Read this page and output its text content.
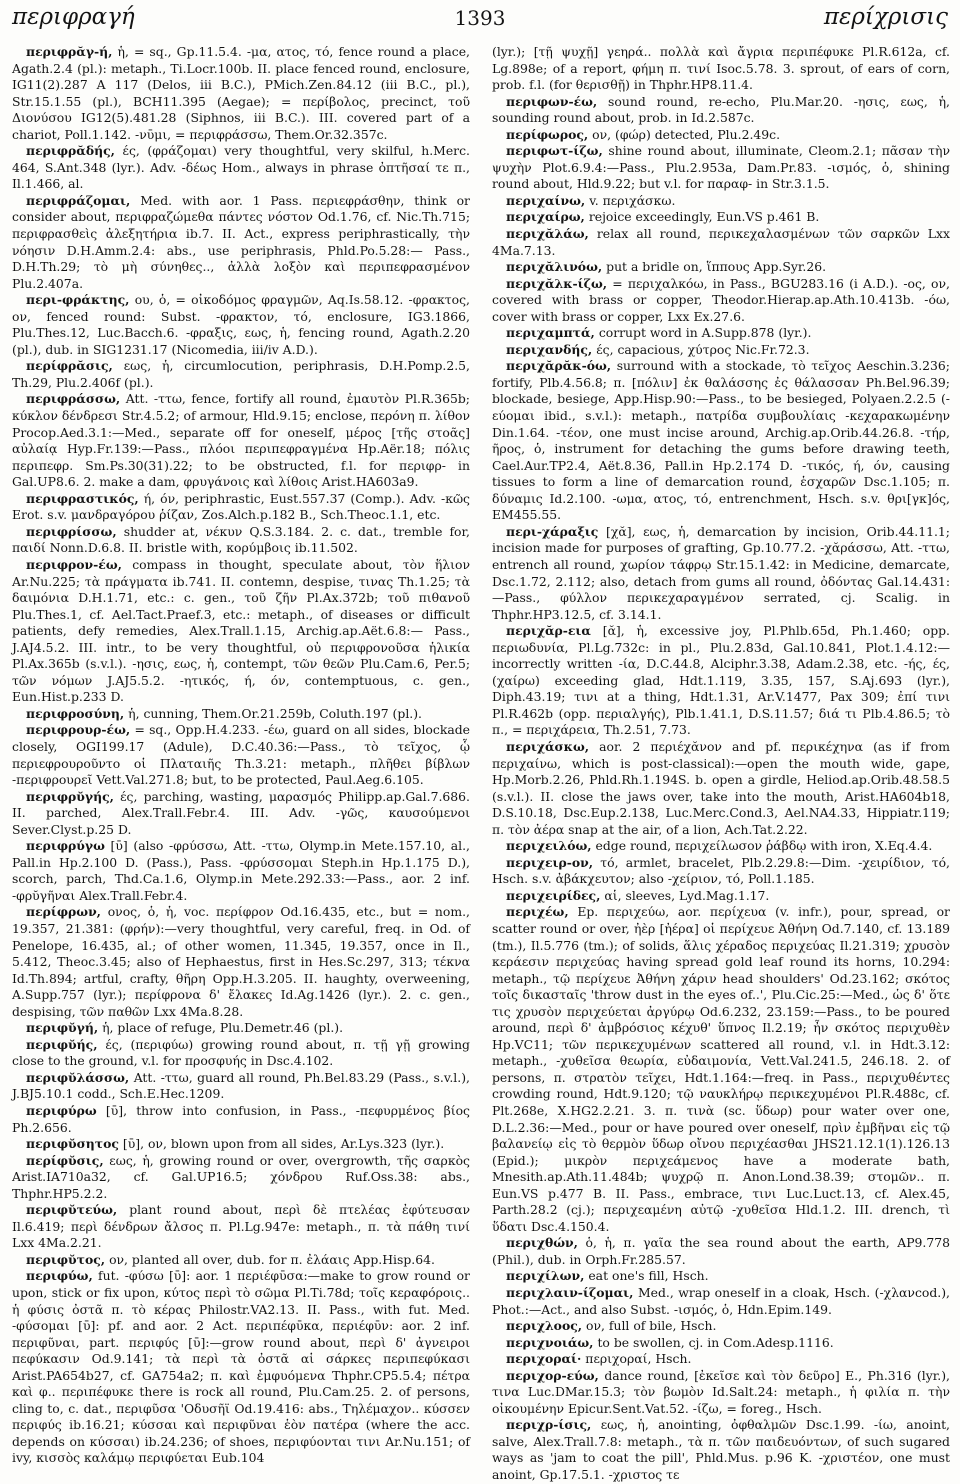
περιφραγή	1393	περίχρισις

περιφρᾰγ-ή, ἡ, = sq., Gp.11.5.4. -μα, ατος, τό, fence round a place, Agath.2.4 (pl.): metaph., Ti.Locr.100b. II. place fenced round, enclosure, IG11(2).287 A 117 (Delos, iii B.C.), PMich.Zen.84.12 (iii B.C., pl.), Str.15.1.55 (pl.), BCH11.395 (Aegae); = περίβολος, precinct, τοῦ Διονύσου IG12(5).481.28 (Siphnos, iii B.C.). III. covered part of a chariot, Poll.1.142. -νῡμι, = περιφράσσω, Them.Or.32.357c.

περιφρᾰδής, ές, (φράζομαι) very thoughtful, very skilful, h.Merc. 464, S.Ant.348 (lyr.). Adv. -δέως Hom., always in phrase ὀπτῆσαί τε π., Il.1.466, al.

περιφράζομαι, Med. with aor. 1 Pass. περιεφράσθην, think or consider about, περιφραζώμεθα πάντες νόστον Od.1.76, cf. Nic.Th.715; περιφρασθεὶς ἀλεξητήρια ib.7. II. Act., express periphrastically, τὴν νόησιν D.H.Amm.2.4: abs., use periphrasis, Phld.Po.5.28:— Pass., D.H.Th.29; τὸ μὴ σύνηθες.., ἀλλὰ λοξὸν καὶ περιπεφρασμένον Plu.2.407a.

περι-φράκτης, ου, ὁ, = οἰκοδόμος φραγμῶν, Aq.Is.58.12. -φρακτος, ον, fenced round: Subst. -φρακτον, τό, enclosure, IG3.1866, Plu.Thes.12, Luc.Bacch.6. -φραξις, εως, ἡ, fencing round, Agath.2.20 (pl.), dub. in SIG1231.17 (Nicomedia, iii/iv A.D.).

περίφρᾰσις, εως, ἡ, circumlocution, periphrasis, D.H.Pomp.2.5, Th.29, Plu.2.406f (pl.).

περιφράσσω, Att. -ττω, fence, fortify all round, ἐμαυτὸν Pl.R.365b; κύκλον δένδρεσι Str.4.5.2; of armour, Hld.9.15; enclose, περόνη π. λίθον Procop.Aed.3.1:—Med., separate off for oneself, μέρος [τῆς στοᾶς] αὐλαίᾳ Hyp.Fr.139:—Pass., πλόοι περιπεφραγμένα Hp.Aër.18; πόλις περιπεφρ. Sm.Ps.30(31).22; to be obstructed, f.l. for περιφρ- in Gal.UP8.6. 2. make a dam, φρυγάνοις καὶ λίθοις Arist.HA603a9.

περιφραστικός, ή, όν, periphrastic, Eust.557.37 (Comp.). Adv. -κῶς Erot. s.v. μανδραγόρου ῥίζαν, Zos.Alch.p.182 B., Sch.Theoc.1.1, etc.

περιφρίσσω, shudder at, νέκυν Q.S.3.184. 2. c. dat., tremble for, παιδί Nonn.D.6.8. II. bristle with, κορύμβοις ib.11.502.

περιφρον-έω, compass in thought, speculate about, τὸν ἥλιον Ar.Nu.225; τὰ πράγματα ib.741. II. contemn, despise, τινας Th.1.25; τὰ δαιμόνια D.H.1.71, etc.: c. gen., τοῦ ζῆν Pl.Ax.372b; τοῦ πιθανοῦ Plu.Thes.1, cf. Ael.Tact.Praef.3, etc.: metaph., of diseases or difficult patients, defy remedies, Alex.Trall.1.15, Archig.ap.Aët.6.8:— Pass., J.AJ4.5.2. III. intr., to be very thoughtful, οὐ περιφρονοῦσα ἡλικία Pl.Ax.365b (s.v.l.). -ησις, εως, ἡ, contempt, τῶν θεῶν Plu.Cam.6, Per.5; τῶν νόμων J.AJ5.5.2. -ητικός, ή, όν, contemptuous, c. gen., Eun.Hist.p.233 D.

περιφροσύνη, ἡ, cunning, Them.Or.21.259b, Coluth.197 (pl.).

περιφρουρ-έω, = sq., Opp.H.4.233. -έω, guard on all sides, blockade closely, OGI199.17 (Adule), D.C.40.36:—Pass., τὸ τεῖχος, ᾧ περιεφρουροῦντο οἱ Πλαταιῆς Th.3.21: metaph., πλῆθει βίβλων -περιφρουρεῖ Vett.Val.271.8; but, to be protected, Paul.Aeg.6.105.

περιφρῠγής, ές, parching, wasting, μαρασμός Philipp.ap.Gal.7.686. II. parched, Alex.Trall.Febr.4. III. Adv. -γῶς, καυσούμενοι Sever.Clyst.p.25 D.

περιφρύγω [ῡ] (also -φρύσσω, Att. -ττω, Olymp.in Mete.157.10, al., Pall.in Hp.2.100 D. (Pass.), Pass. -φρύσσομαι Steph.in Hp.1.175 D.), scorch, parch, Thd.Ca.1.6, Olymp.in Mete.292.33:—Pass., aor. 2 inf. -φρῠγῆναι Alex.Trall.Febr.4.

περίφρων, ονος, ὁ, ἡ, voc. περίφρον Od.16.435, etc., but = nom., 19.357, 21.381: (φρήν):—very thoughtful, very careful, freq. in Od. of Penelope, 16.435, al.; of other women, 11.345, 19.357, once in Il., 5.412, Theoc.3.45; also of Hephaestus, first in Hes.Sc.297, 313; τέκνα Id.Th.894; artful, crafty, θῆρη Opp.H.3.205. II. haughty, overweening, A.Supp.757 (lyr.); περίφρονα δ' ἔλακες Id.Ag.1426 (lyr.). 2. c. gen., despising, τῶν παθῶν Lxx 4Ma.8.28.

περιφῠγή, ἡ, place of refuge, Plu.Demetr.46 (pl.).

περιφῠής, ές, (περιφύω) growing round about, π. τῇ γῇ growing close to the ground, v.l. for προσφυής in Dsc.4.102.

περιφῠλάσσω, Att. -ττω, guard all round, Ph.Bel.83.29 (Pass., s.v.l.), J.BJ5.10.1 codd., Sch.E.Hec.1209.

περιφύρω [ῡ], throw into confusion, in Pass., -πεφυρμένος βίος Ph.2.656.

περιφῠσητος [ῡ], ον, blown upon from all sides, Ar.Lys.323 (lyr.).

περίφῠσις, εως, ἡ, growing round or over, overgrowth, τῆς σαρκὸς Arist.IA710a32, cf. Gal.UP16.5; χόνδρου Ruf.Oss.38: abs., Thphr.HP5.2.2.

περιφῠτεύω, plant round about, περὶ δὲ πτελέας ἐφύτευσαν Il.6.419; περὶ δένδρων ἄλσος π. Pl.Lg.947e: metaph., π. τὰ πάθη τινί Lxx 4Ma.2.21.

περιφῠτος, ον, planted all over, dub. for π. ἐλάαις App.Hisp.64.

περιφύω, fut. -φύσω [ῡ]: aor. 1 περιέφῡσα:—make to grow round or upon, stick or fix upon, κύτος περὶ τὸ σῶμα Pl.Ti.78d; τοῖς κεραφόροις.. ἡ φύσις ὀστᾶ π. τὸ κέρας Philostr.VA2.13. II. Pass., with fut. Med. -φύσομαι [ῡ]: pf. and aor. 2 Act. περιπέφῡκα, περιέφῡν: aor. 2 inf. περιφῦναι, part. περιφύς [ῡ]:—grow round about, περὶ δ' ἀγνειροι πεφύκασιν Od.9.141; τὰ περὶ τὰ ὀστᾶ αἱ σάρκες περιπεφύκασι Arist.PA654b27, cf. GA754a2; π. καὶ ἐμφυόμενα Thphr.CP5.5.4; πέτρα καὶ φ.. περιπέφυκε there is rock all round, Plu.Cam.25. 2. of persons, cling to, c. dat., περιφῦσα 'Οδυσῆϊ Od.19.416: abs., Τηλέμαχον.. κύσσεν περιφύς ib.16.21; κύσσαι καὶ περιφῦναι ἑὸν πατέρα (where the acc. depends on κύσσαι) ib.24.236; of shoes, περιφύονται τινι Ar.Nu.151; of ivy, κισσὸς καλάμῳ περιφύεται Eub.104

(lyr.); [τῇ ψυχῇ] γεηρά.. πολλὰ καὶ ἄγρια περιπέφυκε Pl.R.612a, cf. Lg.898e; of a report, φήμη π. τινί Isoc.5.78. 3. sprout, of ears of corn, prob. f.l. (for θερισθῇ) in Thphr.HP8.11.4.

περιφων-έω, sound round, re-echo, Plu.Mar.20. -ησις, εως, ἡ, sounding round about, prob. in Id.2.587c.

περίφωρος, ον, (φώρ) detected, Plu.2.49c.

περιφωτ-ίζω, shine round about, illuminate, Cleom.2.1; πᾶσαν τὴν ψυχὴν Plot.6.9.4:—Pass., Plu.2.953a, Dam.Pr.83. -ισμός, ὁ, shining round about, Hld.9.22; but v.l. for παραφ- in Str.3.1.5.

περιχαίνω, v. περιχάσκω.

περιχαίρω, rejoice exceedingly, Eun.VS p.461 B.

περιχᾰλάω, relax all round, περικεχαλασμένων τῶν σαρκῶν Lxx 4Ma.7.13.

περιχᾰλινόω, put a bridle on, ἵππους App.Syr.26.

περιχᾰλκ-ίζω, = περιχαλκόω, in Pass., BGU283.16 (i A.D.). -ος, ον, covered with brass or copper, Theodor.Hierap.ap.Ath.10.413b. -όω, cover with brass or copper, Lxx Ex.27.6.

περιχαμπτά, corrupt word in A.Supp.878 (lyr.).

περιχανδής, ές, capacious, χύτρος Nic.Fr.72.3.

περιχᾰρᾰκ-όω, surround with a stockade, τὸ τεῖχος Aeschin.3.236; fortify, Plb.4.56.8; π. [πόλιν] ἐκ θαλάσσης ἐς θάλασσαν Ph.Bel.96.39; blockade, besiege, App.Hisp.90:—Pass., to be besieged, Polyaen.2.2.5 (-εύομαι ibid., s.v.l.): metaph., πατρίδα συμβουλίαις -κεχαρακωμένην Din.1.64. -τέον, one must incise around, Archig.ap.Orib.44.26.8. -τήρ, ῆρος, ὁ, instrument for detaching the gums before drawing teeth, Cael.Aur.TP2.4, Aët.8.36, Pall.in Hp.2.174 D. -τικός, ή, όν, causing tissues to form a line of demarcation round, ἑσχαρῶν Dsc.1.105; π. δύναμις Id.2.100. -ωμα, ατος, τό, entrenchment, Hsch. s.v. θρι[γκ]ός, EM455.55.

περι-χάραξις [χᾰ], εως, ἡ, demarcation by incision, Orib.44.11.1; incision made for purposes of grafting, Gp.10.77.2. -χᾰράσσω, Att. -ττω, entrench all round, χωρίον τάφρῳ Str.15.1.42: in Medicine, demarcate, Dsc.1.72, 2.112; also, detach from gums all round, ὀδόντας Gal.14.431:—Pass., φύλλον περικεχαραγμένον serrated, cj. Scalig. in Thphr.HP3.12.5, cf. 3.14.1.

περιχᾰρ-εια [ᾰ], ἡ, excessive joy, Pl.Phlb.65d, Ph.1.460; opp. περιωδυνία, Pl.Lg.732c: in pl., Plu.2.83d, Gal.10.841, Plot.1.4.12:—incorrectly written -ία, D.C.44.8, Alciphr.3.38, Adam.2.38, etc. -ής, ές, (χαίρω) exceeding glad, Hdt.1.119, 3.35, 157, S.Aj.693 (lyr.), Diph.43.19; τινι at a thing, Hdt.1.31, Ar.V.1477, Pax 309; ἐπί τινι Pl.R.462b (opp. περιαλγής), Plb.1.41.1, D.S.11.57; διά τι Plb.4.86.5; τὸ π., = περιχάρεια, Th.2.51, 7.73.

περιχάσκω, aor. 2 περιέχᾰνον and pf. περικέχηνα (as if from περιχαίνω, which is post-classical):—open the mouth wide, gape, Hp.Morb.2.26, Phld.Rh.1.194S. b. open a girdle, Heliod.ap.Orib.48.58.5 (s.v.l.). II. close the jaws over, take into the mouth, Arist.HA604b18, D.S.10.18, Dsc.Eup.2.138, Luc.Merc.Cond.3, Ael.NA4.33, Hippiatr.119; π. τὸν ἀέρα snap at the air, of a lion, Ach.Tat.2.22.

περιχειλόω, edge round, περιχείλωσον ῥάβδῳ with iron, X.Eq.4.4.

περιχειρ-ον, τό, armlet, bracelet, Plb.2.29.8:—Dim. -χειρίδιον, τό, Hsch. s.v. ἀβάκχευτον; also -χείριον, τό, Poll.1.185.

περιχειρίδες, αἱ, sleeves, Lyd.Mag.1.17.

περιχέω, Ep. περιχεύω, aor. περίχευα (v. infr.), pour, spread, or scatter round or over, ἠὲρ [ἠέρα] οἱ περίχευε Ἀθήνη Od.7.140, cf. 13.189 (tm.), Il.5.776 (tm.); of solids, ἅλις χέραδος περιχεύας Il.21.319; χρυσὸν κεράεσιν περιχεύας having spread gold leaf round its horns, 10.294: metaph., τῷ περίχευε Ἀθήνη χάριν head shoulders' Od.23.162; σκότος τοῖς δικασταῖς 'throw dust in the eyes of..', Plu.Cic.25:—Med., ὡς δ' ὅτε τις χρυσὸν περιχεύεται ἀργύρῳ Od.6.232, 23.159:—Pass., to be poured around, περὶ δ' ἀμβρόσιος κέχυθ' ὕπνος Il.2.19; ἦν σκότος περιχυθὲν Hp.VC11; τῶν περικεχυμένων scattered all round, v.l. in Hdt.3.12: metaph., -χυθεῖσα θεωρία, εὐδαιμονία, Vett.Val.241.5, 246.18. 2. of persons, π. στρατὸν τεῖχει, Hdt.1.164:—freq. in Pass., περιχυθέντες crowding round, Hdt.9.120; τῷ ναυκλήρῳ περικεχυμένοι Pl.R.488c, cf. Plt.268e, X.HG2.2.21. 3. π. τινὰ (sc. ὕδωρ) pour water over one, D.L.2.36:—Med., pour or have poured over oneself, πρὶν ἐμβῆναι εἰς τῷ βαλανείῳ εἰς τὸ θερμὸν ὕδωρ οἴνου περιχέασθαι JHS21.12.1(1).126.13 (Epid.); μικρὸν περιχεάμενος have a moderate bath, Mnesith.ap.Ath.11.484b; ψυχρῷ π. Anon.Lond.38.39; στομῶν.. π. Eun.VS p.477 B. II. Pass., embrace, τινι Luc.Luct.13, cf. Alex.45, Parth.28.2 (cj.); περιχεαμένη αὐτῷ -χυθεῖσα Hld.1.2. III. drench, τὶ ὕδατι Dsc.4.150.4.

περιχθών, ὁ, ἡ, π. γαῖα the sea round about the earth, AP9.778 (Phil.), dub. in Orph.Fr.285.57.

περιχίλων, eat one's fill, Hsch.

περιχλαιν-ίζομαι, Med., wrap oneself in a cloak, Hsch. (-χλανcod.), Phot.:—Act., and also Subst. -ισμός, ὁ, Hdn.Epim.149.

περιχλοος, ον, full of bile, Hsch.

περιχνοιάω, to be swollen, cj. in Com.Adesp.1116.

περιχοραί· περιχοραί, Hsch.

περιχορ-εύω, dance round, [ἐκεῖσε καὶ τὸν δεῦρο] E., Ph.316 (lyr.), τινα Luc.DMar.15.3; τὸν βωμὸν Id.Salt.24: metaph., ἡ φιλία π. τὴν οἰκουμένην Epicur.Sent.Vat.52. -ίζω, = foreg., Hsch.

περιχρ-ίσις, εως, ἡ, anointing, ὀφθαλμῶν Dsc.1.99. -ίω, anoint, salve, Alex.Trall.7.8: metaph., τὰ π. τῶν παιδευόντων, of such sugared ways as 'jam to coat the pill', Phld.Mus. p.96 K. -χριστέον, one must anoint, Gp.17.5.1. -χριστος τε
